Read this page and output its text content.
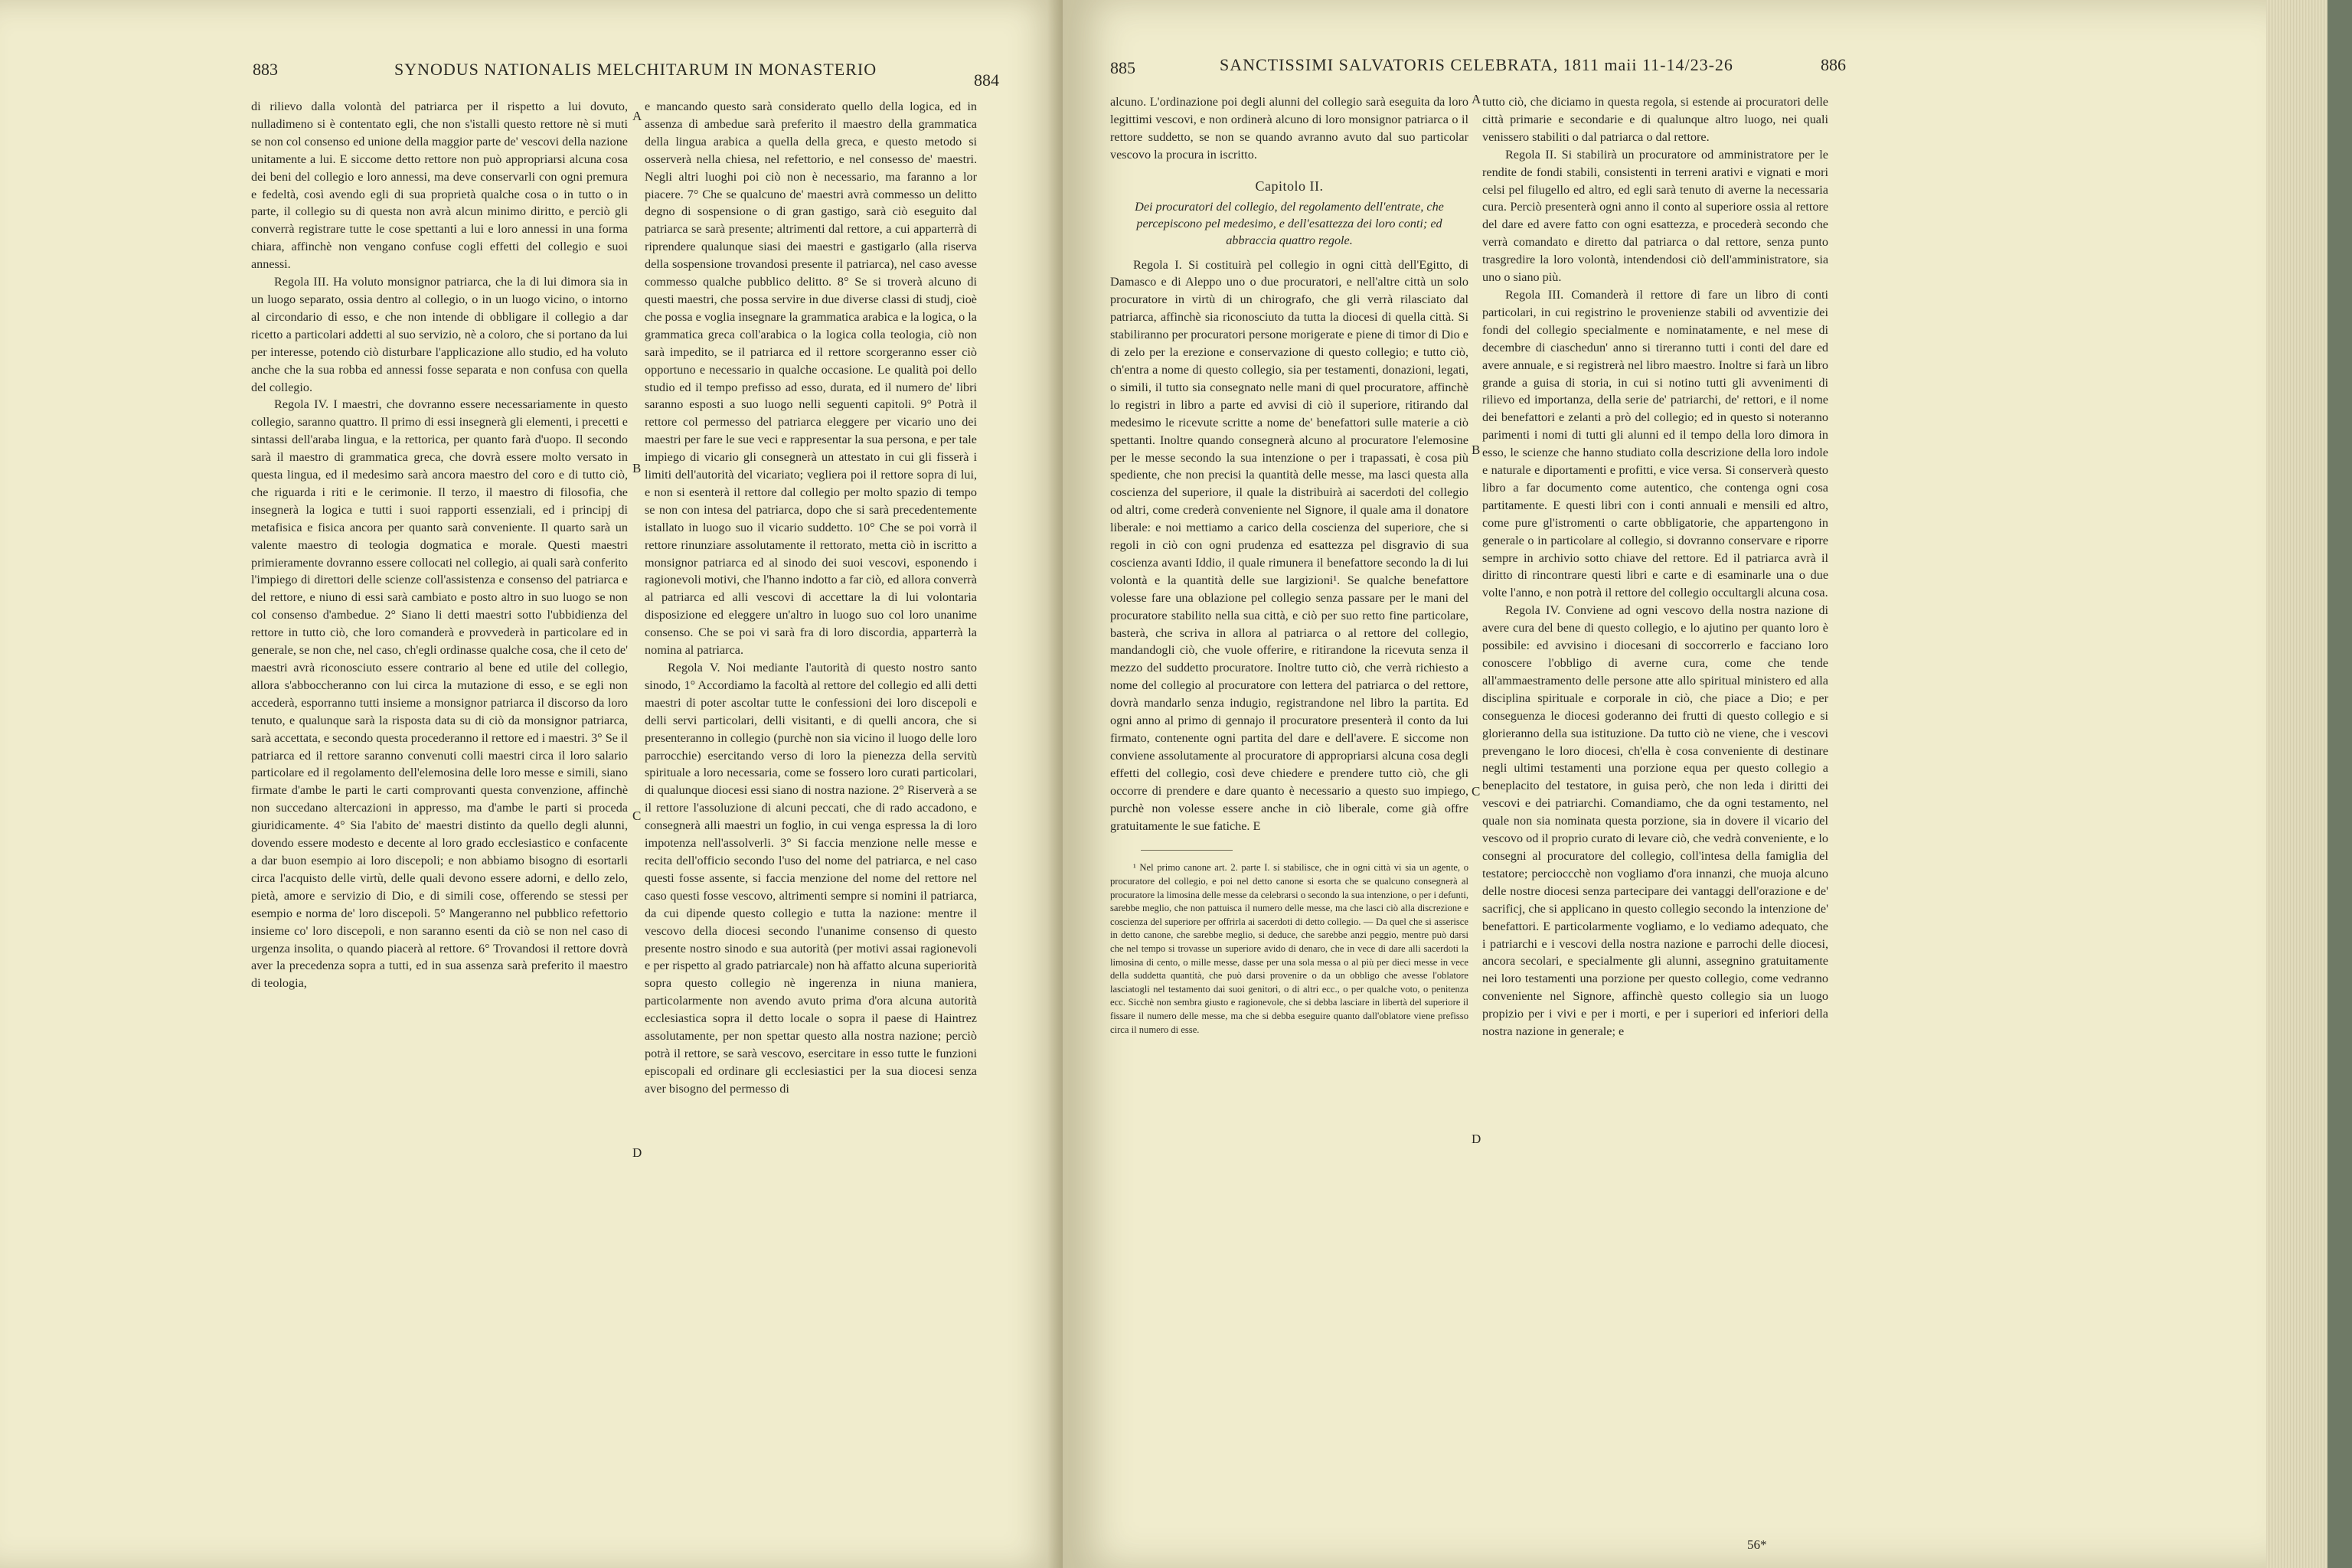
883	SYNODUS NATIONALIS MELCHITARUM IN MONASTERIO
884

di rilievo dalla volontà del patriarca per il rispetto a lui dovuto, nulladimeno si è contentato egli, che non s'istalli questo rettore nè si muti se non col consenso ed unione della maggior parte de' vescovi della nazione unitamente a lui. E siccome detto rettore non può appropriarsi alcuna cosa dei beni del collegio e loro annessi, ma deve conservarli con ogni premura e fedeltà, così avendo egli di sua proprietà qualche cosa o in tutto o in parte, il collegio su di questa non avrà alcun minimo diritto, e perciò gli converrà registrare tutte le cose spettanti a lui e loro annessi in una forma chiara, affinchè non vengano confuse cogli effetti del collegio e suoi annessi.

Regola III. Ha voluto monsignor patriarca, che la di lui dimora sia in un luogo separato, ossia dentro al collegio, o in un luogo vicino, o intorno al circondario di esso, e che non intende di obbligare il collegio a dar ricetto a particolari addetti al suo servizio, nè a coloro, che si portano da lui per interesse, potendo ciò disturbare l'applicazione allo studio, ed ha voluto anche che la sua robba ed annessi fosse separata e non confusa con quella del collegio.

Regola IV. I maestri, che dovranno essere necessariamente in questo collegio, saranno quattro. Il primo di essi insegnerà gli elementi, i precetti e sintassi dell'araba lingua, e la rettorica, per quanto farà d'uopo. Il secondo sarà il maestro di grammatica greca, che dovrà essere molto versato in questa lingua, ed il medesimo sarà ancora maestro del coro e di tutto ciò, che riguarda i riti e le cerimonie. Il terzo, il maestro di filosofia, che insegnerà la logica e tutti i suoi rapporti essenziali, ed i principj di metafisica e fisica ancora per quanto sarà conveniente. Il quarto sarà un valente maestro di teologia dogmatica e morale. Questi maestri primieramente dovranno essere collocati nel collegio, ai quali sarà conferito l'impiego di direttori delle scienze coll'assistenza e consenso del patriarca e del rettore, e niuno di essi sarà cambiato e posto altro in suo luogo se non col consenso d'ambedue. 2° Siano li detti maestri sotto l'ubbidienza del rettore in tutto ciò, che loro comanderà e provvederà in particolare ed in generale, se non che, nel caso, ch'egli ordinasse qualche cosa, che il ceto de' maestri avrà riconosciuto essere contrario al bene ed utile del collegio, allora s'abboccheranno con lui circa la mutazione di esso, e se egli non accederà, esporranno tutti insieme a monsignor patriarca il discorso da loro tenuto, e qualunque sarà la risposta data su di ciò da monsignor patriarca, sarà accettata, e secondo questa procederanno il rettore ed i maestri. 3° Se il patriarca ed il rettore saranno convenuti colli maestri circa il loro salario particolare ed il regolamento dell'elemosina delle loro messe e simili, siano firmate d'ambe le parti le carti comprovanti questa convenzione, affinchè non succedano altercazioni in appresso, ma d'ambe le parti si proceda giuridicamente. 4° Sia l'abito de' maestri distinto da quello degli alunni, dovendo essere modesto e decente al loro grado ecclesiastico e confacente a dar buon esempio ai loro discepoli; e non abbiamo bisogno di esortarli circa l'acquisto delle virtù, delle quali devono essere adorni, e dello zelo, pietà, amore e servizio di Dio, e di simili cose, offerendo se stessi per esempio e norma de' loro discepoli. 5° Mangeranno nel pubblico refettorio insieme co' loro discepoli, e non saranno esenti da ciò se non nel caso di urgenza insolita, o quando piacerà al rettore. 6° Trovandosi il rettore dovrà aver la precedenza sopra a tutti, ed in sua assenza sarà preferito il maestro di teologia,

A
B
C
D

e mancando questo sarà considerato quello della logica, ed in assenza di ambedue sarà preferito il maestro della grammatica della lingua arabica a quella della greca, e questo metodo si osserverà nella chiesa, nel refettorio, e nel consesso de' maestri. Negli altri luoghi poi ciò non è necessario, ma faranno a lor piacere. 7° Che se qualcuno de' maestri avrà commesso un delitto degno di sospensione o di gran gastigo, sarà ciò eseguito dal patriarca se sarà presente; altrimenti dal rettore, a cui apparterrà di riprendere qualunque siasi dei maestri e gastigarlo (alla riserva della sospensione trovandosi presente il patriarca), nel caso avesse commesso qualche pubblico delitto. 8° Se si troverà alcuno di questi maestri, che possa servire in due diverse classi di studj, cioè che possa e voglia insegnare la grammatica arabica e la logica, o la grammatica greca coll'arabica o la logica colla teologia, ciò non sarà impedito, se il patriarca ed il rettore scorgeranno esser ciò opportuno e necessario in qualche occasione. Le qualità poi dello studio ed il tempo prefisso ad esso, durata, ed il numero de' libri saranno esposti a suo luogo nelli seguenti capitoli. 9° Potrà il rettore col permesso del patriarca eleggere per vicario uno dei maestri per fare le sue veci e rappresentar la sua persona, e per tale impiego di vicario gli consegnerà un attestato in cui gli fisserà i limiti dell'autorità del vicariato; vegliera poi il rettore sopra di lui, e non si esenterà il rettore dal collegio per molto spazio di tempo se non con intesa del patriarca, dopo che si sarà precedentemente istallato in luogo suo il vicario suddetto. 10° Che se poi vorrà il rettore rinunziare assolutamente il rettorato, metta ciò in iscritto a monsignor patriarca ed al sinodo dei suoi vescovi, esponendo i ragionevoli motivi, che l'hanno indotto a far ciò, ed allora converrà al patriarca ed alli vescovi di accettare la di lui volontaria disposizione ed eleggere un'altro in luogo suo col loro unanime consenso. Che se poi vi sarà fra di loro discordia, apparterrà la nomina al patriarca.

Regola V. Noi mediante l'autorità di questo nostro santo sinodo, 1° Accordiamo la facoltà al rettore del collegio ed alli detti maestri di poter ascoltar tutte le confessioni dei loro discepoli e delli servi particolari, delli visitanti, e di quelli ancora, che si presenteranno in collegio (purchè non sia vicino il luogo delle loro parrocchie) esercitando verso di loro la pienezza della servitù spirituale a loro necessaria, come se fossero loro curati particolari, di qualunque diocesi essi siano di nostra nazione. 2° Riserverà a se il rettore l'assoluzione di alcuni peccati, che di rado accadono, e consegnerà alli maestri un foglio, in cui venga espressa la di loro impotenza nell'assolverli. 3° Si faccia menzione nelle messe e recita dell'officio secondo l'uso del nome del patriarca, e nel caso questi fosse assente, si faccia menzione del nome del rettore nel caso questi fosse vescovo, altrimenti sempre si nomini il patriarca, da cui dipende questo collegio e tutta la nazione: mentre il vescovo della diocesi secondo l'unanime consenso di questo presente nostro sinodo e sua autorità (per motivi assai ragionevoli e per rispetto al grado patriarcale) non hà affatto alcuna superiorità sopra questo collegio nè ingerenza in niuna maniera, particolarmente non avendo avuto prima d'ora alcuna autorità ecclesiastica sopra il detto locale o sopra il paese di Haintrez assolutamente, per non spettar questo alla nostra nazione; perciò potrà il rettore, se sarà vescovo, esercitare in esso tutte le funzioni episcopali ed ordinare gli ecclesiastici per la sua diocesi senza aver bisogno del permesso di

885	SANCTISSIMI SALVATORIS CELEBRATA, 1811 maii 11-14/23-26	886

alcuno. L'ordinazione poi degli alunni del collegio sarà eseguita da loro legittimi vescovi, e non ordinerà alcuno di loro monsignor patriarca o il rettore suddetto, se non se quando avranno avuto dal suo particolar vescovo la procura in iscritto.

Capitolo II.
Dei procuratori del collegio, del regolamento dell'entrate, che percepiscono pel medesimo, e dell'esattezza dei loro conti; ed abbraccia quattro regole.

Regola I. Si costituirà pel collegio in ogni città dell'Egitto, di Damasco e di Aleppo uno o due procuratori, e nell'altre città un solo procuratore in virtù di un chirografo, che gli verrà rilasciato dal patriarca, affinchè sia riconosciuto da tutta la diocesi di quella città. Si stabiliranno per procuratori persone morigerate e piene di timor di Dio e di zelo per la erezione e conservazione di questo collegio; e tutto ciò, ch'entra a nome di questo collegio, sia per testamenti, donazioni, legati, o simili, il tutto sia consegnato nelle mani di quel procuratore, affinchè lo registri in libro a parte ed avvisi di ciò il superiore, ritirando dal medesimo le ricevute scritte a nome de' benefattori sulle materie a ciò spettanti. Inoltre quando consegnerà alcuno al procuratore l'elemosine per le messe secondo la sua intenzione o per i trapassati, è cosa più spediente, che non precisi la quantità delle messe, ma lasci questa alla coscienza del superiore, il quale la distribuirà ai sacerdoti del collegio od altri, come crederà conveniente nel Signore, il quale ama il donatore liberale: e noi mettiamo a carico della coscienza del superiore, che si regoli in ciò con ogni prudenza ed esattezza pel disgravio di sua coscienza avanti Iddio, il quale rimunera il benefattore secondo la di lui volontà e la quantità delle sue largizioni¹. Se qualche benefattore volesse fare una oblazione pel collegio senza passare per le mani del procuratore stabilito nella sua città, e ciò per suo retto fine particolare, basterà, che scriva in allora al patriarca o al rettore del collegio, mandandogli ciò, che vuole offerire, e ritirandone la ricevuta senza il mezzo del suddetto procuratore. Inoltre tutto ciò, che verrà richiesto a nome del collegio al procuratore con lettera del patriarca o del rettore, dovrà mandarlo senza indugio, registrandone nel libro la partita. Ed ogni anno al primo di gennajo il procuratore presenterà il conto da lui firmato, contenente ogni partita del dare e dell'avere. E siccome non conviene assolutamente al procuratore di appropriarsi alcuna cosa degli effetti del collegio, così deve chiedere e prendere tutto ciò, che gli occorre di prendere e dare quanto è necessario a questo suo impiego, purchè non volesse essere anche in ciò liberale, come già offre gratuitamente le sue fatiche. E

¹ Nel primo canone art. 2. parte I. si stabilisce, che in ogni città vi sia un agente, o procuratore del collegio, e poi nel detto canone si esorta che se qualcuno consegnerà al procuratore la limosina delle messe da celebrarsi o secondo la sua intenzione, o per i defunti, sarebbe meglio, che non pattuisca il numero delle messe, ma che lasci ciò alla discrezione e coscienza del superiore per offrirla ai sacerdoti di detto collegio. — Da quel che si asserisce in detto canone, che sarebbe meglio, si deduce, che sarebbe anzi peggio, mentre può darsi che nel tempo si trovasse un superiore avido di denaro, che in vece di dare alli sacerdoti la limosina di cento, o mille messe, dasse per una sola messa o al più per dieci messe in vece della suddetta quantità, che può darsi provenire o da un obbligo che avesse l'oblatore lasciatogli nel testamento dai suoi genitori, o di altri ecc., o per qualche voto, o penitenza ecc. Sicchè non sembra giusto e ragionevole, che si debba lasciare in libertà del superiore il fissare il numero delle messe, ma che si debba eseguire quanto dall'oblatore viene prefisso circa il numero di esse.

A
B
C
D

tutto ciò, che diciamo in questa regola, si estende ai procuratori delle città primarie e secondarie e di qualunque altro luogo, nei quali venissero stabiliti o dal patriarca o dal rettore.

Regola II. Si stabilirà un procuratore od amministratore per le rendite de fondi stabili, consistenti in terreni arativi e vignati e mori celsi pel filugello ed altro, ed egli sarà tenuto di averne la necessaria cura. Perciò presenterà ogni anno il conto al superiore ossia al rettore del dare ed avere fatto con ogni esattezza, e procederà secondo che verrà comandato e diretto dal patriarca o dal rettore, senza punto trasgredire la loro volontà, intendendosi ciò dell'amministratore, sia uno o siano più.

Regola III. Comanderà il rettore di fare un libro di conti particolari, in cui registrino le provenienze stabili od avventizie dei fondi del collegio specialmente e nominatamente, e nel mese di decembre di ciaschedun' anno si tireranno tutti i conti del dare ed avere annuale, e si registrerà nel libro maestro. Inoltre si farà un libro grande a guisa di storia, in cui si notino tutti gli avvenimenti di rilievo ed importanza, della serie de' patriarchi, de' rettori, e il nome dei benefattori e zelanti a prò del collegio; ed in questo si noteranno parimenti i nomi di tutti gli alunni ed il tempo della loro dimora in esso, le scienze che hanno studiato colla descrizione della loro indole e naturale e diportamenti e profitti, e vice versa. Si conserverà questo libro a far documento come autentico, che contenga ogni cosa partitamente. E questi libri con i conti annuali e mensili ed altro, come pure gl'istromenti o carte obbligatorie, che appartengono in generale o in particolare al collegio, si dovranno conservare e riporre sempre in archivio sotto chiave del rettore. Ed il patriarca avrà il diritto di rincontrare questi libri e carte e di esaminarle una o due volte l'anno, e non potrà il rettore del collegio occultargli alcuna cosa.

Regola IV. Conviene ad ogni vescovo della nostra nazione di avere cura del bene di questo collegio, e lo ajutino per quanto loro è possibile: ed avvisino i diocesani di soccorrerlo e facciano loro conoscere l'obbligo di averne cura, come che tende all'ammaestramento delle persone atte allo spiritual ministero ed alla disciplina spirituale e corporale in ciò, che piace a Dio; e per conseguenza le diocesi goderanno dei frutti di questo collegio e si glorieranno della sua istituzione. Da tutto ciò ne viene, che i vescovi prevengano le loro diocesi, ch'ella è cosa conveniente di destinare negli ultimi testamenti una porzione equa per questo collegio a beneplacito del testatore, in guisa però, che non leda i diritti dei vescovi e dei patriarchi. Comandiamo, che da ogni testamento, nel quale non sia nominata questa porzione, sia in dovere il vicario del vescovo od il proprio curato di levare ciò, che vedrà conveniente, e lo consegni al procuratore del collegio, coll'intesa della famiglia del testatore; percioccchè non vogliamo d'ora innanzi, che muoja alcuno delle nostre diocesi senza partecipare dei vantaggi dell'orazione e de' sacrificj, che si applicano in questo collegio secondo la intenzione de' benefattori. E particolarmente vogliamo, e lo vediamo adequato, che i patriarchi e i vescovi della nostra nazione e parrochi delle diocesi, ancora secolari, e specialmente gli alunni, assegnino gratuitamente nei loro testamenti una porzione per questo collegio, come vedranno conveniente nel Signore, affinchè questo collegio sia un luogo propizio per i vivi e per i morti, e per i superiori ed inferiori della nostra nazione in generale; e

56*
